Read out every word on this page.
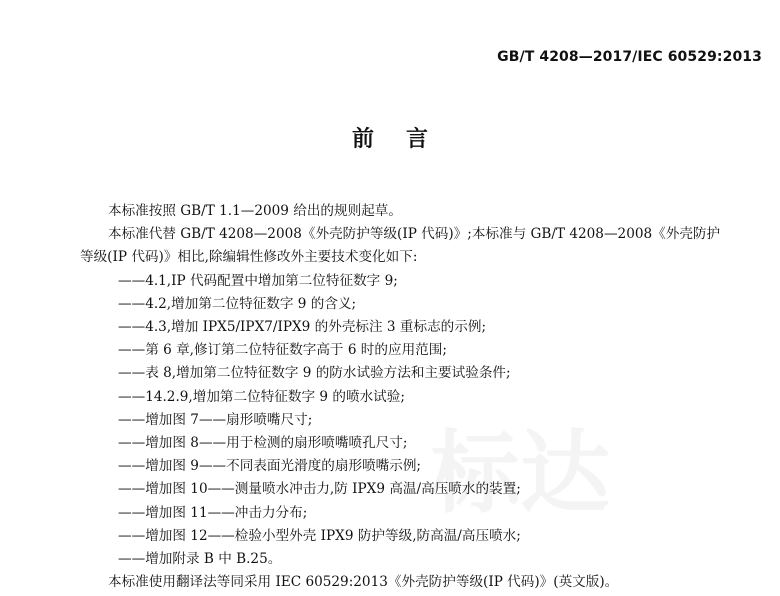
GB/T 4208—2017/IEC 60529:2013
前言

本标准按照 GB/T 1.1—2009 给出的规则起草。

本标准代替 GB/T 4208—2008《外壳防护等级(IP 代码)》;本标准与 GB/T 4208—2008《外壳防护

等级(IP 代码)》相比,除编辑性修改外主要技术变化如下:

——4.1,IP 代码配置中增加第二位特征数字 9;

——4.2,增加第二位特征数字 9 的含义;

——4.3,增加 IPX5/IPX7/IPX9 的外壳标注 3 重标志的示例;

——第 6 章,修订第二位特征数字高于 6 时的应用范围;

——表 8,增加第二位特征数字 9 的防水试验方法和主要试验条件;

——14.2.9,增加第二位特征数字 9 的喷水试验;

——增加图 7——扇形喷嘴尺寸;

——增加图 8——用于检测的扇形喷嘴喷孔尺寸;

——增加图 9——不同表面光滑度的扇形喷嘴示例;

——增加图 10——测量喷水冲击力,防 IPX9 高温/高压喷水的装置;

——增加图 11——冲击力分布;

——增加图 12——检验小型外壳 IPX9 防护等级,防高温/高压喷水;

——增加附录 B 中 B.25。

本标准使用翻译法等同采用 IEC 60529:2013《外壳防护等级(IP 代码)》(英文版)。
